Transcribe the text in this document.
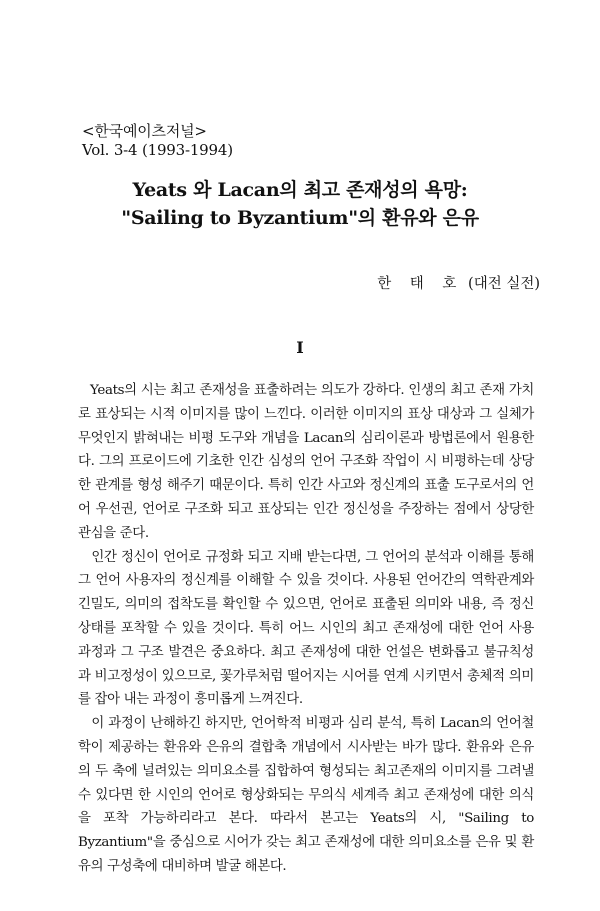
<한국예이츠저널>
Vol. 3-4 (1993-1994)
Yeats 와 Lacan의 최고 존재성의 욕망:
"Sailing to Byzantium"의 환유와 은유
한 태 호 (대전 실전)
I

Yeats의 시는 최고 존재성을 표출하려는 의도가 강하다. 인생의 최고 존재 가치로 표상되는 시적 이미지를 많이 느낀다. 이러한 이미지의 표상 대상과 그 실체가 무엇인지 밝혀내는 비평 도구와 개념을 Lacan의 심리이론과 방법론에서 원용한다. 그의 프로이드에 기초한 인간 심성의 언어 구조화 작업이 시 비평하는데 상당한 관계를 형성 해주기 때문이다. 특히 인간 사고와 정신계의 표출 도구로서의 언어 우선권, 언어로 구조화 되고 표상되는 인간 정신성을 주장하는 점에서 상당한 관심을 준다.

인간 정신이 언어로 규정화 되고 지배 받는다면, 그 언어의 분석과 이해를 통해 그 언어 사용자의 정신계를 이해할 수 있을 것이다. 사용된 언어간의 역학관계와 긴밀도, 의미의 접착도를 확인할 수 있으면, 언어로 표출된 의미와 내용, 즉 정신 상태를 포착할 수 있을 것이다. 특히 어느 시인의 최고 존재성에 대한 언어 사용 과정과 그 구조 발견은 중요하다. 최고 존재성에 대한 언설은 변화롭고 불규칙성과 비고정성이 있으므로, 꽃가루처럼 떨어지는 시어를 연계 시키면서 총체적 의미를 잡아 내는 과정이 흥미롭게 느껴진다.

이 과정이 난해하긴 하지만, 언어학적 비평과 심리 분석, 특히 Lacan의 언어철학이 제공하는 환유와 은유의 결합축 개념에서 시사받는 바가 많다. 환유와 은유의 두 축에 널려있는 의미요소를 집합하여 형성되는 최고존재의 이미지를 그려낼 수 있다면 한 시인의 언어로 형상화되는 무의식 세계즉 최고 존재성에 대한 의식을 포착 가능하리라고 본다. 따라서 본고는 Yeats의 시, "Sailing to Byzantium"을 중심으로 시어가 갖는 최고 존재성에 대한 의미요소를 은유 및 환유의 구성축에 대비하며 발굴 해본다.
